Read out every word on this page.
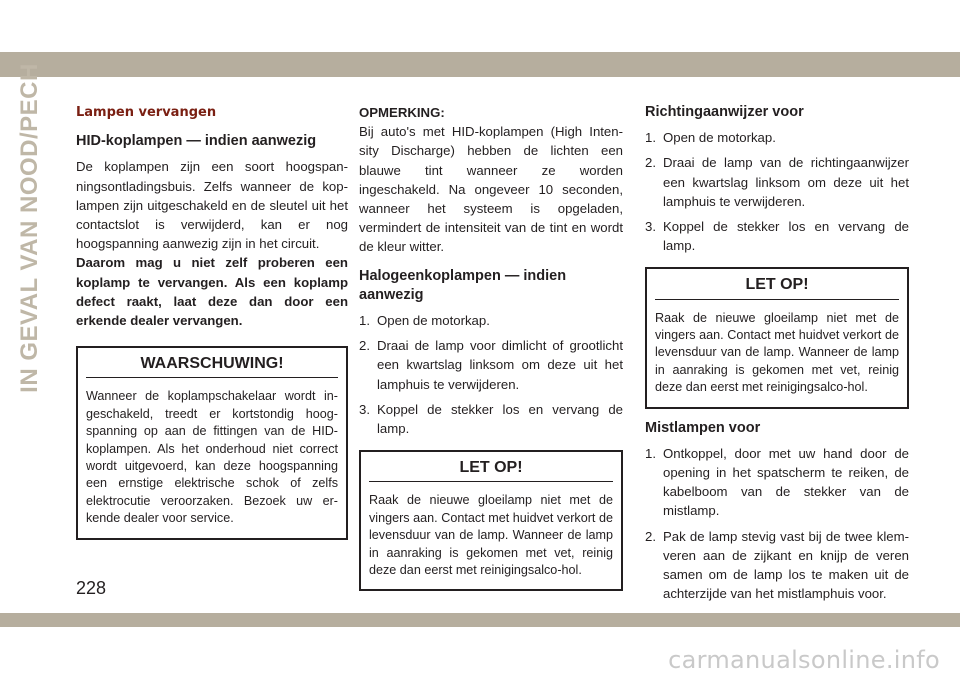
IN GEVAL VAN NOOD/PECH	Lampen vervangen
HID-koplampen — indien aanwezig

De koplampen zijn een soort hoogspan-ningsontladingsbuis. Zelfs wanneer de kop-lampen zijn uitgeschakeld en de sleutel uit het contactslot is verwijderd, kan er nog hoogspanning aanwezig zijn in het circuit.

Daarom mag u niet zelf proberen een koplamp te vervangen. Als een koplamp defect raakt, laat deze dan door een erkende dealer vervangen.

WAARSCHUWING!
Wanneer de koplampschakelaar wordt in-geschakeld, treedt er kortstondig hoog-spanning op aan de fittingen van de HID-koplampen. Als het onderhoud niet correct wordt uitgevoerd, kan deze hoogspanning een ernstige elektrische schok of zelfs elektrocutie veroorzaken. Bezoek uw er-kende dealer voor service.
OPMERKING:

Bij auto's met HID-koplampen (High Inten-sity Discharge) hebben de lichten een blauwe tint wanneer ze worden ingeschakeld. Na ongeveer 10 seconden, wanneer het systeem is opgeladen, vermindert de intensiteit van de tint en wordt de kleur witter.

Halogeenkoplampen — indien aanwezig
1. Open de motorkap.
2. Draai de lamp voor dimlicht of grootlicht een kwartslag linksom om deze uit het lamphuis te verwijderen.
3. Koppel de stekker los en vervang de lamp.
LET OP!
Raak de nieuwe gloeilamp niet met de vingers aan. Contact met huidvet verkort de levensduur van de lamp. Wanneer de lamp in aanraking is gekomen met vet, reinig deze dan eerst met reinigingsalco-hol.
Richtingaanwijzer voor
1. Open de motorkap.
2. Draai de lamp van de richtingaanwijzer een kwartslag linksom om deze uit het lamphuis te verwijderen.
3. Koppel de stekker los en vervang de lamp.
LET OP!
Raak de nieuwe gloeilamp niet met de vingers aan. Contact met huidvet verkort de levensduur van de lamp. Wanneer de lamp in aanraking is gekomen met vet, reinig deze dan eerst met reinigingsalco-hol.
Mistlampen voor
1. Ontkoppel, door met uw hand door de opening in het spatscherm te reiken, de kabelboom van de stekker van de mistlamp.
2. Pak de lamp stevig vast bij de twee klem-veren aan de zijkant en knijp de veren samen om de lamp los te maken uit de achterzijde van het mistlamphuis voor.
228
carmanualsonline.info
